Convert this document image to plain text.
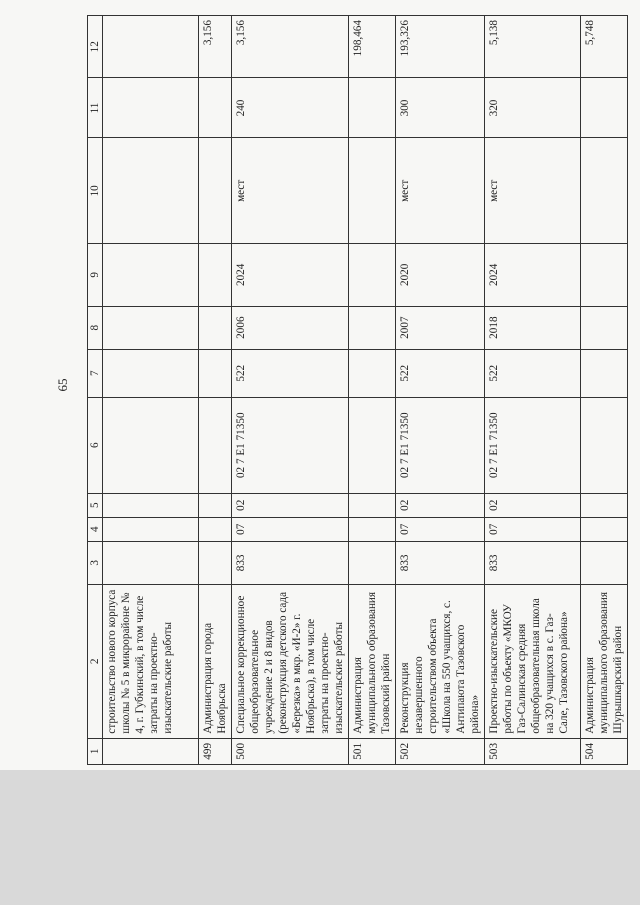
65
1	2	3	4	5	6	7	8	9	10	11	12
	строительство нового корпуса школы № 5 в микрорайоне № 4, г. Губкинский, в том числе затраты на проектно-изыскательские работы										
499	Администрация города Ноябрьска										3,156
500	Специальное коррекционное общеобразовательное учреждение 2 и 8 видов (реконструкция детского сада «Березка» в мкр. «И-2» г. Ноябрьска), в том числе затраты на проектно-изыскательские работы	833	07	02	02 7 E1 71350	522	2006	2024	мест	240	3,156
501	Администрация муниципального образования Тазовский район										198,464
502	Реконструкция незавершенного строительством объекта «Школа на 550 учащихся, с. Антипаюта Тазовского района»	833	07	02	02 7 E1 71350	522	2007	2020	мест	300	193,326
503	Проектно-изыскательские работы по объекту «МКОУ Газ-Салинская средняя общеобразовательная школа на 320 учащихся в с. Газ-Сале, Тазовского района»	833	07	02	02 7 E1 71350	522	2018	2024	мест	320	5,138
504	Администрация муниципального образования Шурышкарский район										5,748
